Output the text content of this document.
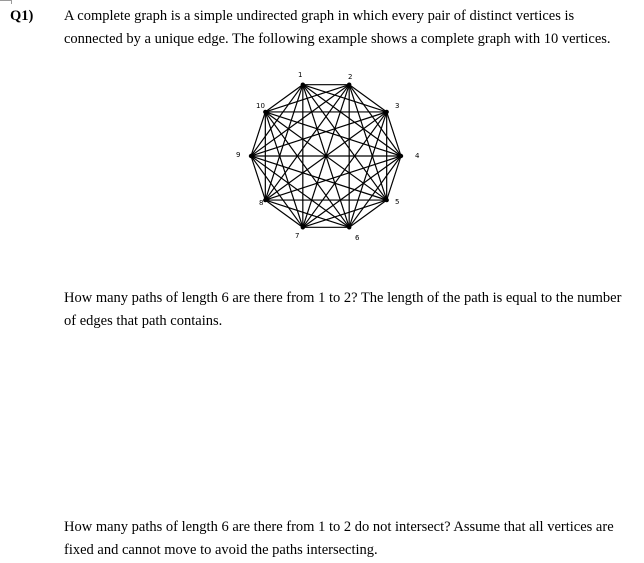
Q1) A complete graph is a simple undirected graph in which every pair of distinct vertices is connected by a unique edge. The following example shows a complete graph with 10 vertices.

1	2
3
4
5
6
7
8
9
10

How many paths of length 6 are there from 1 to 2? The length of the path is equal to the number of edges that path contains.

How many paths of length 6 are there from 1 to 2 do not intersect? Assume that all vertices are fixed and cannot move to avoid the paths intersecting.
